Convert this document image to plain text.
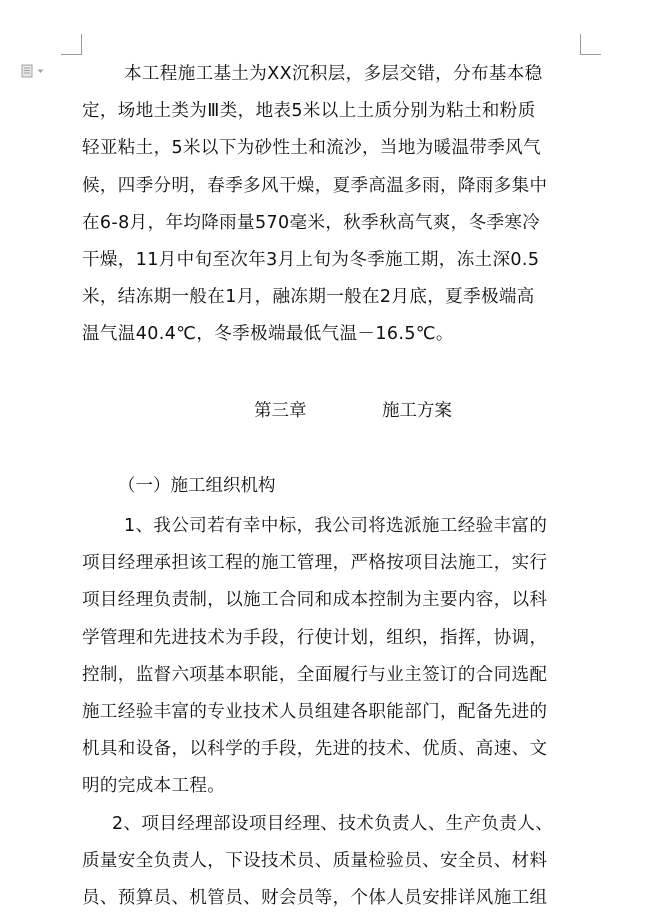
本工程施工基土为XX沉积层，多层交错，分布基本稳
定，场地土类为Ⅲ类，地表5米以上土质分别为粘土和粉质
轻亚粘土，5米以下为砂性土和流沙，当地为暖温带季风气
候，四季分明，春季多风干燥，夏季高温多雨，降雨多集中
在6-8月，年均降雨量570毫米，秋季秋高气爽，冬季寒冷
干燥，11月中旬至次年3月上旬为冬季施工期，冻土深0.5
米，结冻期一般在1月，融冻期一般在2月底，夏季极端高
温气温40.4℃，冬季极端最低气温－16.5℃。
第三章	施工方案
（一）施工组织机构
1、我公司若有幸中标，我公司将选派施工经验丰富的
项目经理承担该工程的施工管理，严格按项目法施工，实行
项目经理负责制，以施工合同和成本控制为主要内容，以科
学管理和先进技术为手段，行使计划，组织，指挥，协调，
控制，监督六项基本职能，全面履行与业主签订的合同选配
施工经验丰富的专业技术人员组建各职能部门，配备先进的
机具和设备，以科学的手段，先进的技术、优质、高速、文
明的完成本工程。
2、项目经理部设项目经理、技术负责人、生产负责人、
质量安全负责人，下设技术员、质量检验员、安全员、材料
员、预算员、机管员、财会员等，个体人员安排详风施工组
